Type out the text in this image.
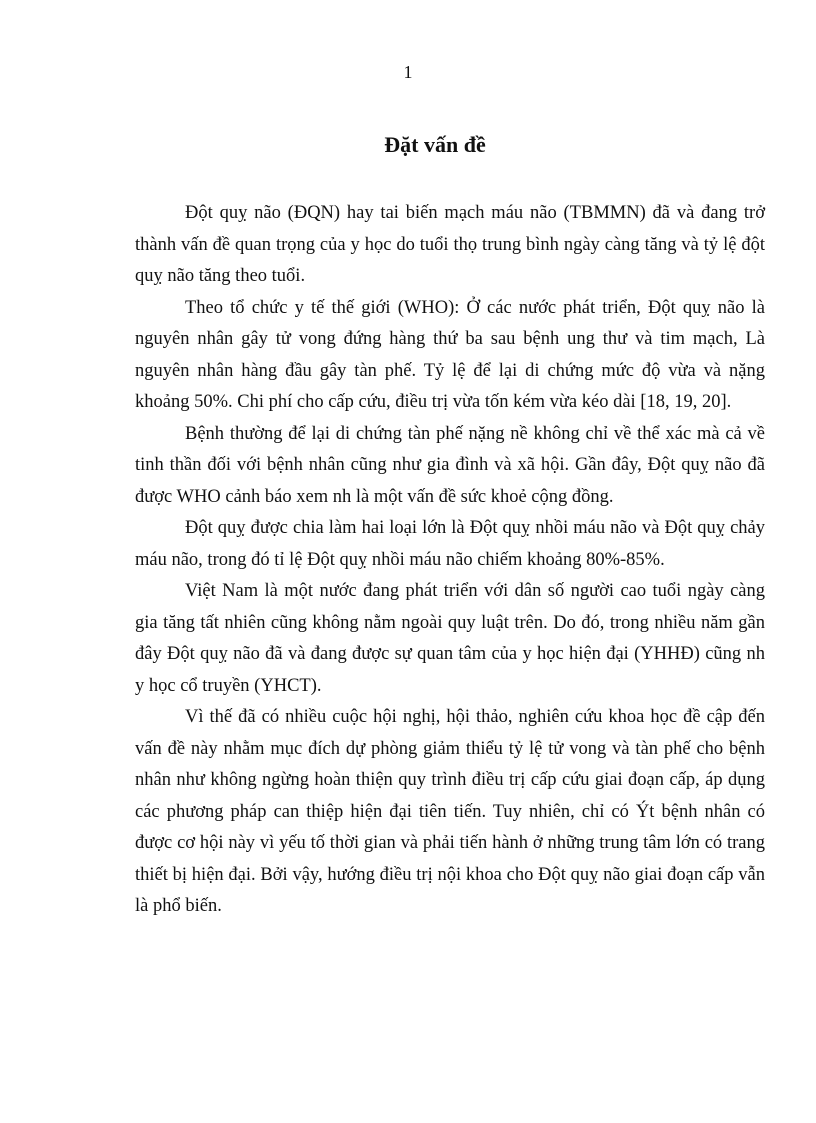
1
Đặt vấn đề

Đột quỵ não (ĐQN) hay tai biến mạch máu não (TBMMN) đã và đang trở thành vấn đề quan trọng của y học do tuổi thọ trung bình ngày càng tăng và tỷ lệ đột quỵ não tăng theo tuổi.

Theo tổ chức y tế thế giới (WHO): Ở các nước phát triển, Đột quỵ não là nguyên nhân gây tử vong đứng hàng thứ ba sau bệnh ung thư và tim mạch, Là nguyên nhân hàng đầu gây tàn phế. Tỷ lệ để lại di chứng mức độ vừa và nặng khoảng 50%. Chi phí cho cấp cứu, điều trị vừa tốn kém vừa kéo dài [18, 19, 20].

Bệnh thường để lại di chứng tàn phế nặng nề không chỉ về thể xác mà cả về tinh thần đối với bệnh nhân cũng như gia đình và xã hội. Gần đây, Đột quỵ não đã được WHO cảnh báo xem nh là một vấn đề sức khoẻ cộng đồng.

Đột quỵ được chia làm hai loại lớn là Đột quỵ nhồi máu não và Đột quỵ chảy máu não, trong đó tỉ lệ Đột quỵ nhồi máu não chiếm khoảng 80%-85%.

Việt Nam là một nước đang phát triển với dân số người cao tuổi ngày càng gia tăng tất nhiên cũng không nằm ngoài quy luật trên. Do đó, trong nhiều năm gần đây Đột quỵ não đã và đang được sự quan tâm của y học hiện đại (YHHĐ) cũng nh y học cổ truyền (YHCT).

Vì thế đã có nhiều cuộc hội nghị, hội thảo, nghiên cứu khoa học đề cập đến vấn đề này nhằm mục đích dự phòng giảm thiểu tỷ lệ tử vong và tàn phế cho bệnh nhân như không ngừng hoàn thiện quy trình điều trị cấp cứu giai đoạn cấp, áp dụng các phương pháp can thiệp hiện đại tiên tiến. Tuy nhiên, chỉ có Ýt bệnh nhân có được cơ hội này vì yếu tố thời gian và phải tiến hành ở những trung tâm lớn có trang thiết bị hiện đại. Bởi vậy, hướng điều trị nội khoa cho Đột quỵ não giai đoạn cấp vẫn là phổ biến.
